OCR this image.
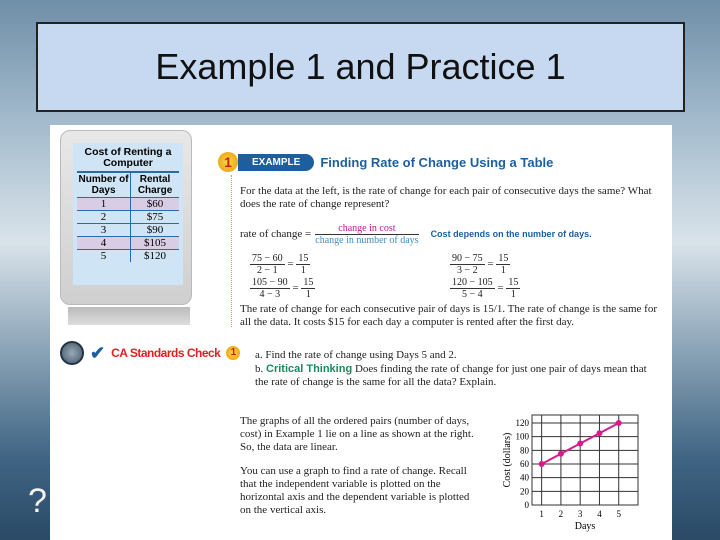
Example 1 and Practice 1
?
Cost of Renting a Computer
Number of Days	Rental Charge
1	$60
2	$75
3	$90
4	$105
5	$120
1	EXAMPLE	Finding Rate of Change Using a Table
For the data at the left, is the rate of change for each pair of consecutive days the same? What does the rate of change represent?
rate of change = $\frac{\text{change in cost}}{\text{change in number of days}}$ Cost depends on the number of days.
$\frac{75 - 60}{2 - 1} = \frac{15}{1}$	$\frac{90 - 75}{3 - 2} = \frac{15}{1}$
$\frac{105 - 90}{4 - 3} = \frac{15}{1}$	$\frac{120 - 105}{5 - 4} = \frac{15}{1}$
The rate of change for each consecutive pair of days is 15/1. The rate of change is the same for all the data. It costs $15 for each day a computer is rented after the first day.
✔ CA Standards Check	1	a. Find the rate of change using Days 5 and 2.
b. Critical Thinking Does finding the rate of change for just one pair of days mean that the rate of change is the same for all the data? Explain.
The graphs of all the ordered pairs (number of days, cost) in Example 1 lie on a line as shown at the right. So, the data are linear.
You can use a graph to find a rate of change. Recall that the independent variable is plotted on the horizontal axis and the dependent variable is plotted on the vertical axis.	0
20
40
60
80
100
120
1 2 3 4 5
Days
Cost (dollars)
